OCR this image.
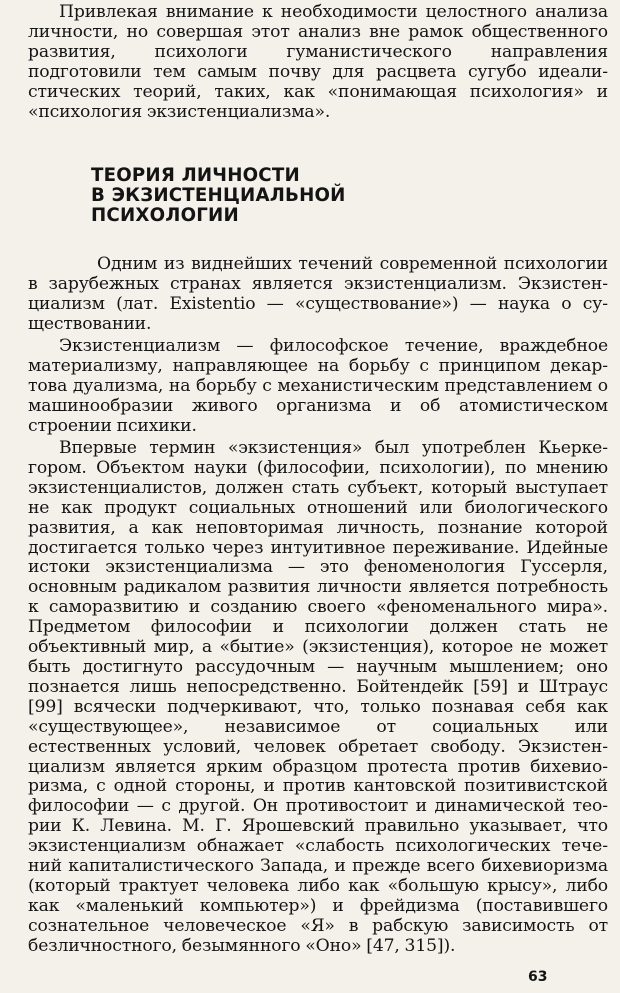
Привлекая внимание к необходимости целостного анализа личности, но совершая этот анализ вне рамок общественного развития, психологи гуманистического направления подготовили тем самым почву для расцвета сугубо идеалистических теорий, таких, как «понимающая психология» и «психология экзистенциализма».

ТЕОРИЯ ЛИЧНОСТИ
В ЭКЗИСТЕНЦИАЛЬНОЙ
ПСИХОЛОГИИ

Одним из виднейших течений современной психологии в зарубежных странах является экзистенциализм. Экзистенциализм (лат. Existentio — «существование») — наука о существовании.

Экзистенциализм — философское течение, враждебное материализму, направляющее на борьбу с принципом декартова дуализма, на борьбу с механистическим представлением о машинообразии живого организма и об атомистическом строении психики.

Впервые термин «экзистенция» был употреблен Кьеркегором. Объектом науки (философии, психологии), по мнению экзистенциалистов, должен стать субъект, который выступает не как продукт социальных отношений или биологического развития, а как неповторимая личность, познание которой достигается только через интуитивное переживание. Идейные истоки экзистенциализма — это феноменология Гуссерля, основным радикалом развития личности является потребность к саморазвитию и созданию своего «феноменального мира». Предметом философии и психологии должен стать не объективный мир, а «бытие» (экзистенция), которое не может быть достигнуто рассудочным — научным мышлением; оно познается лишь непосредственно. Бойтендейк [59] и Штраус [99] всячески подчеркивают, что, только познавая себя как «существующее», независимое от социальных или естественных условий, человек обретает свободу. Экзистенциализм является ярким образцом протеста против бихевиоризма, с одной стороны, и против кантовской позитивистской философии — с другой. Он противостоит и динамической теории К. Левина. М. Г. Ярошевский правильно указывает, что экзистенциализм обнажает «слабость психологических течений капиталистического Запада, и прежде всего бихевиоризма (который трактует человека либо как «большую крысу», либо как «маленький компьютер») и фрейдизма (поставившего сознательное человеческое «Я» в рабскую зависимость от безличностного, безымянного «Оно» [47, 315]).

63
